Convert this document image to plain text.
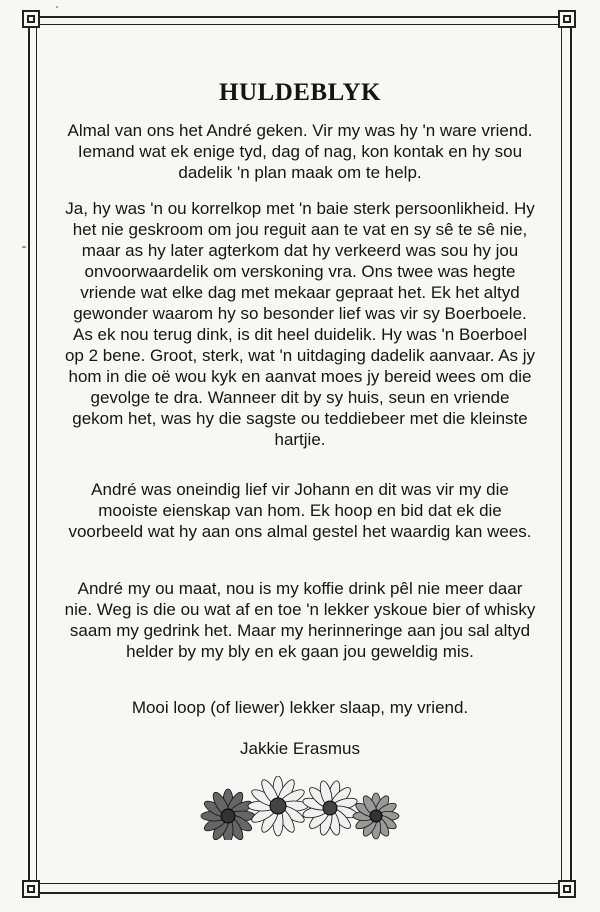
HULDEBLYK

Almal van ons het André geken. Vir my was hy 'n ware vriend. Iemand wat ek enige tyd, dag of nag, kon kontak en hy sou dadelik 'n plan maak om te help.

Ja, hy was 'n ou korrelkop met 'n baie sterk persoonlikheid. Hy het nie geskroom om jou reguit aan te vat en sy sê te sê nie, maar as hy later agterkom dat hy verkeerd was sou hy jou onvoorwaardelik om verskoning vra. Ons twee was hegte vriende wat elke dag met mekaar gepraat het. Ek het altyd gewonder waarom hy so besonder lief was vir sy Boerboele. As ek nou terug dink, is dit heel duidelik. Hy was 'n Boerboel op 2 bene. Groot, sterk, wat 'n uitdaging dadelik aanvaar. As jy hom in die oë wou kyk en aanvat moes jy bereid wees om die gevolge te dra. Wanneer dit by sy huis, seun en vriende gekom het, was hy die sagste ou teddiebeer met die kleinste hartjie.

André was oneindig lief vir Johann en dit was vir my die mooiste eienskap van hom. Ek hoop en bid dat ek die voorbeeld wat hy aan ons almal gestel het waardig kan wees.

André my ou maat, nou is my koffie drink pêl nie meer daar nie. Weg is die ou wat af en toe 'n lekker yskoue bier of whisky saam my gedrink het. Maar my herinneringe aan jou sal altyd helder by my bly en ek gaan jou geweldig mis.

Mooi loop (of liewer) lekker slaap, my vriend.

Jakkie Erasmus
